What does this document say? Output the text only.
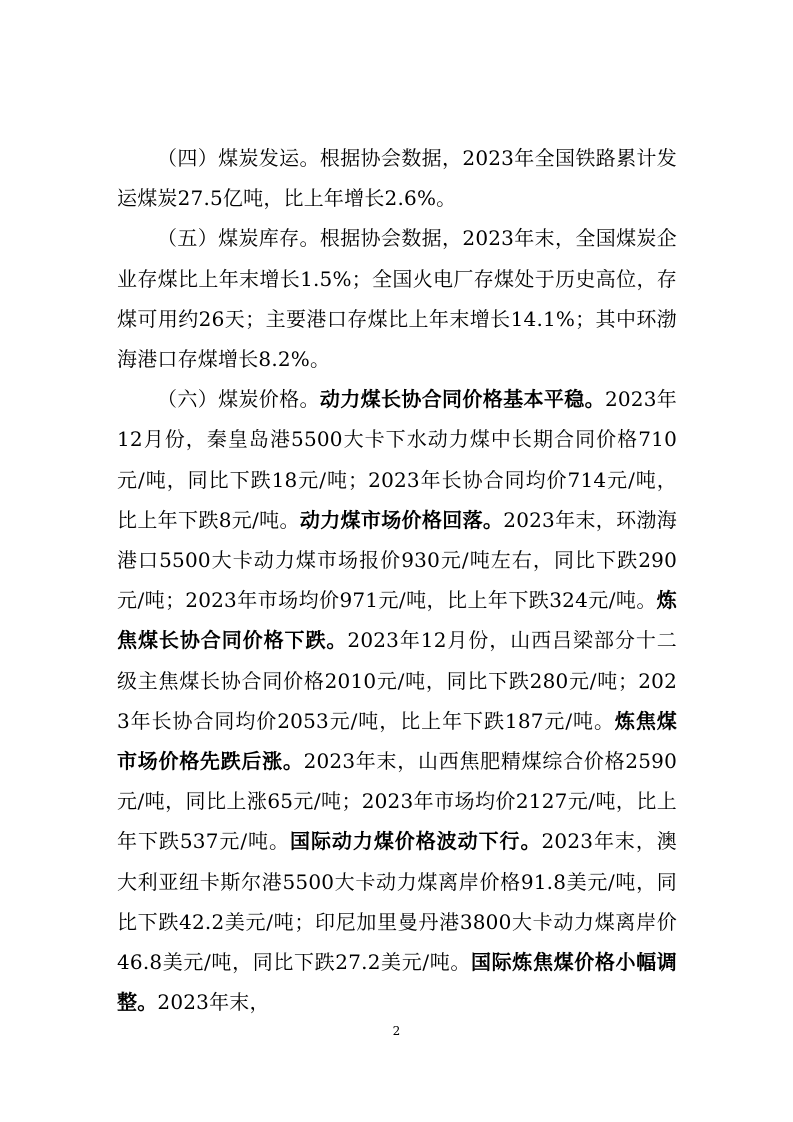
（四）煤炭发运。根据协会数据，2023年全国铁路累计发运煤炭27.5亿吨，比上年增长2.6%。

（五）煤炭库存。根据协会数据，2023年末，全国煤炭企业存煤比上年末增长1.5%；全国火电厂存煤处于历史高位，存煤可用约26天；主要港口存煤比上年末增长14.1%；其中环渤海港口存煤增长8.2%。

（六）煤炭价格。动力煤长协合同价格基本平稳。2023年12月份，秦皇岛港5500大卡下水动力煤中长期合同价格710元/吨，同比下跌18元/吨；2023年长协合同均价714元/吨，比上年下跌8元/吨。动力煤市场价格回落。2023年末，环渤海港口5500大卡动力煤市场报价930元/吨左右，同比下跌290元/吨；2023年市场均价971元/吨，比上年下跌324元/吨。炼焦煤长协合同价格下跌。2023年12月份，山西吕梁部分十二级主焦煤长协合同价格2010元/吨，同比下跌280元/吨；2023年长协合同均价2053元/吨，比上年下跌187元/吨。炼焦煤市场价格先跌后涨。2023年末，山西焦肥精煤综合价格2590元/吨，同比上涨65元/吨；2023年市场均价2127元/吨，比上年下跌537元/吨。国际动力煤价格波动下行。2023年末，澳大利亚纽卡斯尔港5500大卡动力煤离岸价格91.8美元/吨，同比下跌42.2美元/吨；印尼加里曼丹港3800大卡动力煤离岸价46.8美元/吨，同比下跌27.2美元/吨。国际炼焦煤价格小幅调整。2023年末，

2
